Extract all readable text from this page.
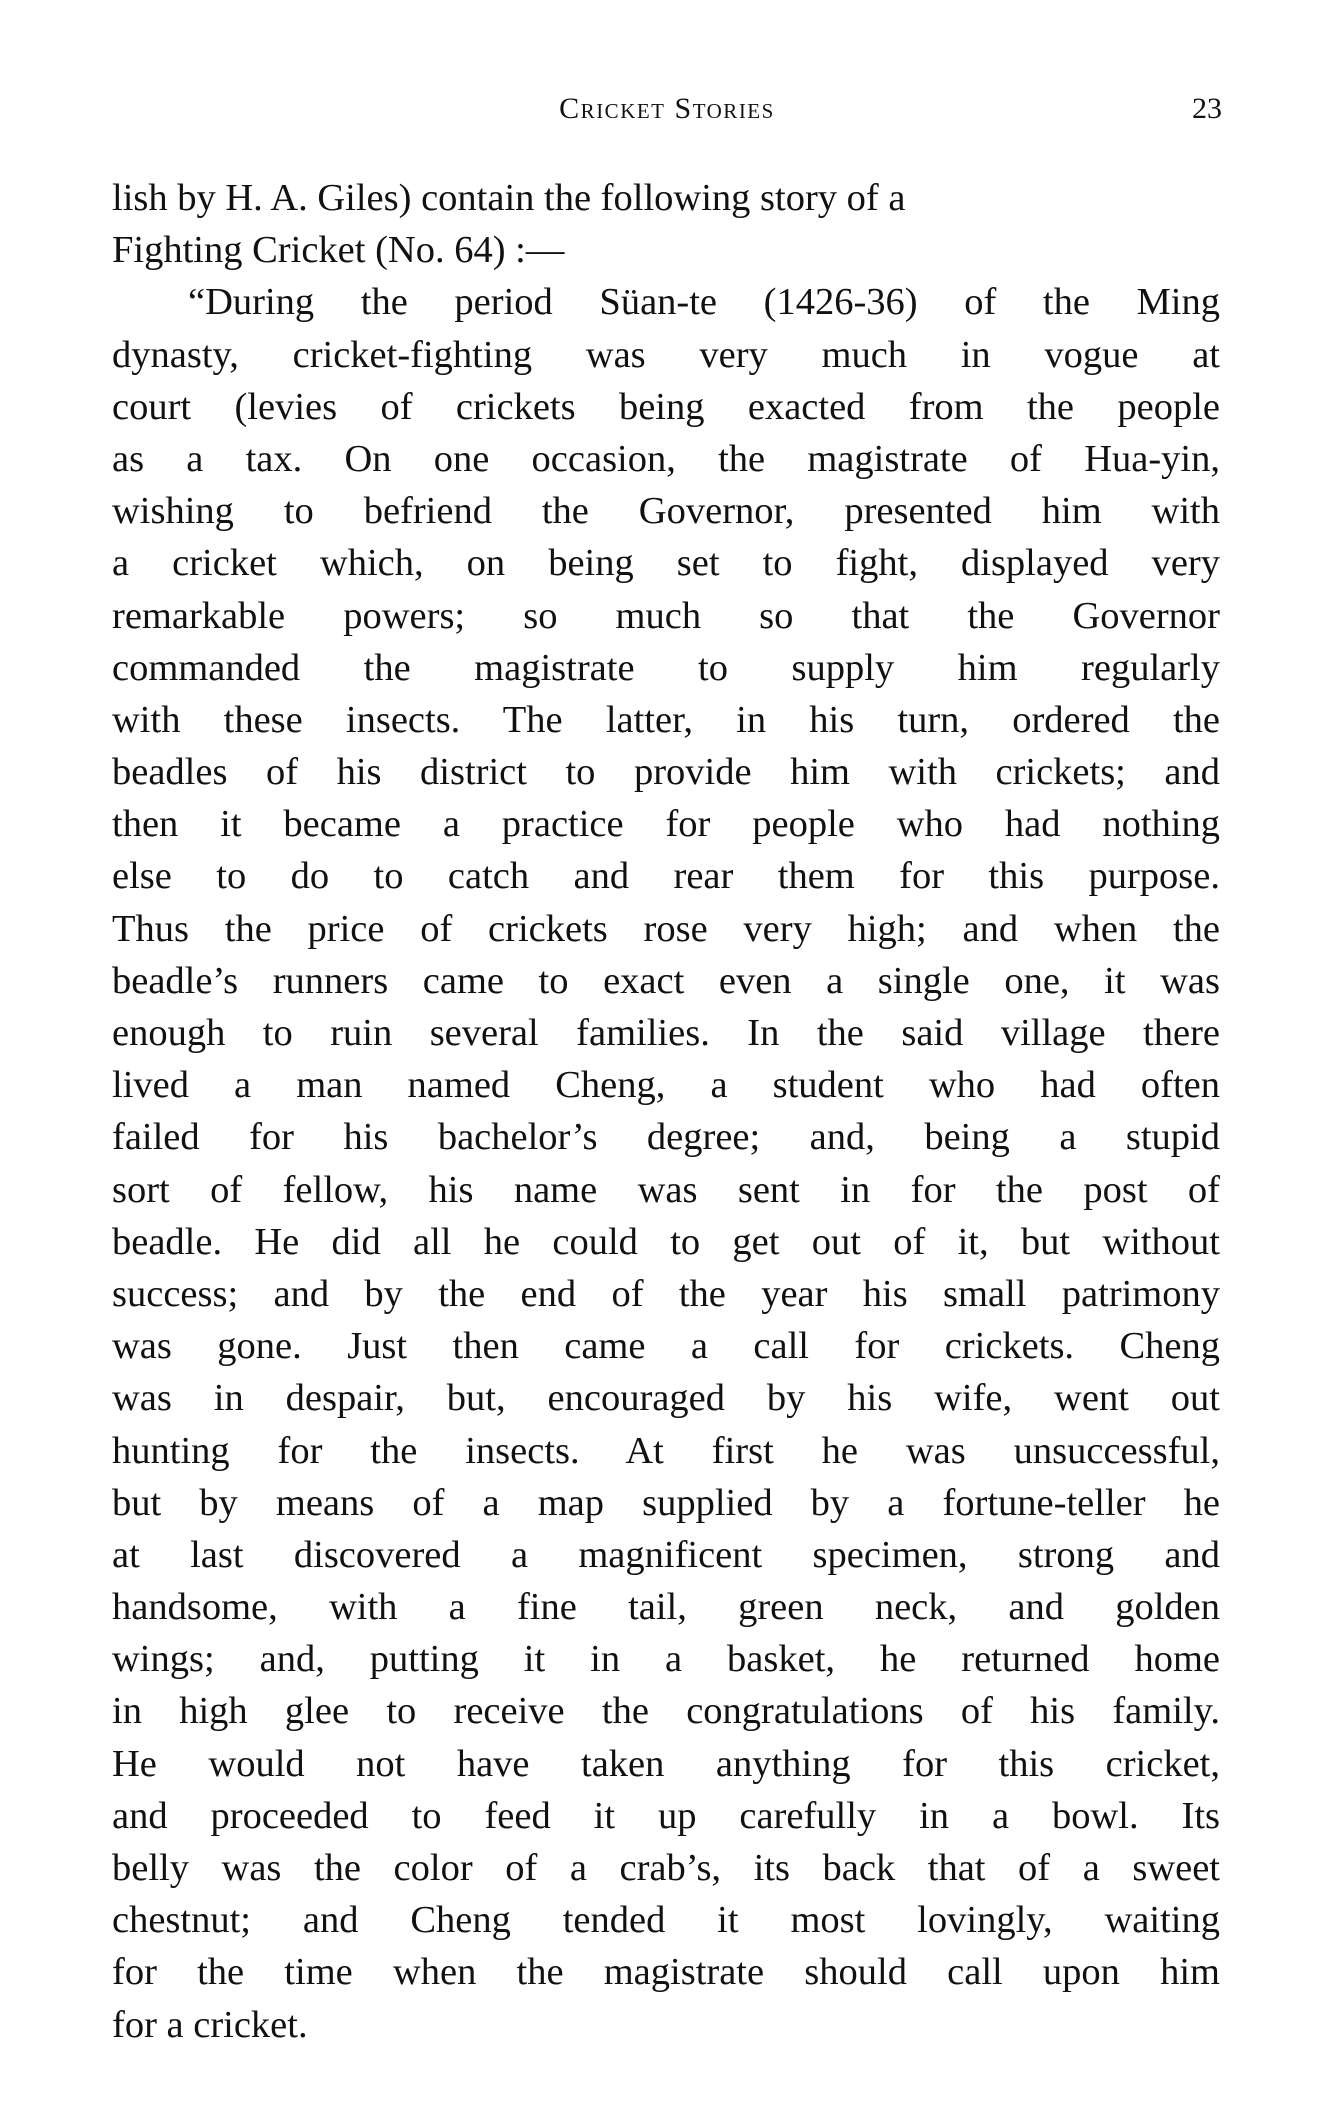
Cricket Stories	23
lish by H. A. Giles) contain the following story of a
Fighting Cricket (No. 64) :—
“During the period Süan-te (1426-36) of the Ming
dynasty, cricket-fighting was very much in vogue at
court (levies of crickets being exacted from the people
as a tax. On one occasion, the magistrate of Hua-yin,
wishing to befriend the Governor, presented him with
a cricket which, on being set to fight, displayed very
remarkable powers; so much so that the Governor
commanded the magistrate to supply him regularly
with these insects. The latter, in his turn, ordered the
beadles of his district to provide him with crickets; and
then it became a practice for people who had nothing
else to do to catch and rear them for this purpose.
Thus the price of crickets rose very high; and when the
beadle’s runners came to exact even a single one, it was
enough to ruin several families. In the said village there
lived a man named Cheng, a student who had often
failed for his bachelor’s degree; and, being a stupid
sort of fellow, his name was sent in for the post of
beadle. He did all he could to get out of it, but without
success; and by the end of the year his small patrimony
was gone. Just then came a call for crickets. Cheng
was in despair, but, encouraged by his wife, went out
hunting for the insects. At first he was unsuccessful,
but by means of a map supplied by a fortune-teller he
at last discovered a magnificent specimen, strong and
handsome, with a fine tail, green neck, and golden
wings; and, putting it in a basket, he returned home
in high glee to receive the congratulations of his family.
He would not have taken anything for this cricket,
and proceeded to feed it up carefully in a bowl. Its
belly was the color of a crab’s, its back that of a sweet
chestnut; and Cheng tended it most lovingly, waiting
for the time when the magistrate should call upon him
for a cricket.
